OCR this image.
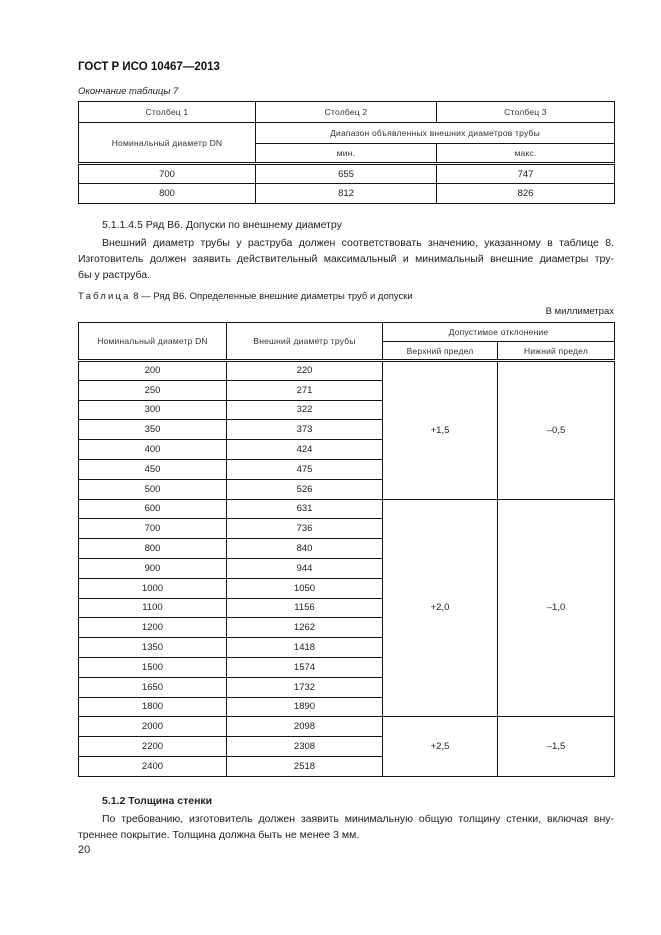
ГОСТ Р ИСО 10467—2013
Окончание таблицы 7
Столбец 1	Столбец 2	Столбец 3
Номинальный диаметр DN	Диапазон объявленных внешних диаметров трубы	
	мин.	макс.
700	655	747
800	812	826
5.1.1.4.5 Ряд В6. Допуски по внешнему диаметру
Внешний диаметр трубы у раструба должен соответствовать значению, указанному в таблице 8.
Изготовитель должен заявить действительный максимальный и минимальный внешние диаметры тру-
бы у раструба.
Таблица 8 — Ряд В6. Определенные внешние диаметры труб и допуски
В миллиметрах
Номинальный диаметр DN	Внешний диаметр трубы	Допустимое отклонение	
		Верхний предел	Нижний предел
200	220	+1,5	–0,5
250	271		
300	322		
350	373		
400	424		
450	475		
500	526		
600	631	+2,0	–1,0
700	736		
800	840		
900	944		
1000	1050		
1100	1156		
1200	1262		
1350	1418		
1500	1574		
1650	1732		
1800	1890		
2000	2098	+2,5	–1,5
2200	2308		
2400	2518		
5.1.2 Толщина стенки
По требованию, изготовитель должен заявить минимальную общую толщину стенки, включая вну-
треннее покрытие. Толщина должна быть не менее 3 мм.
20
